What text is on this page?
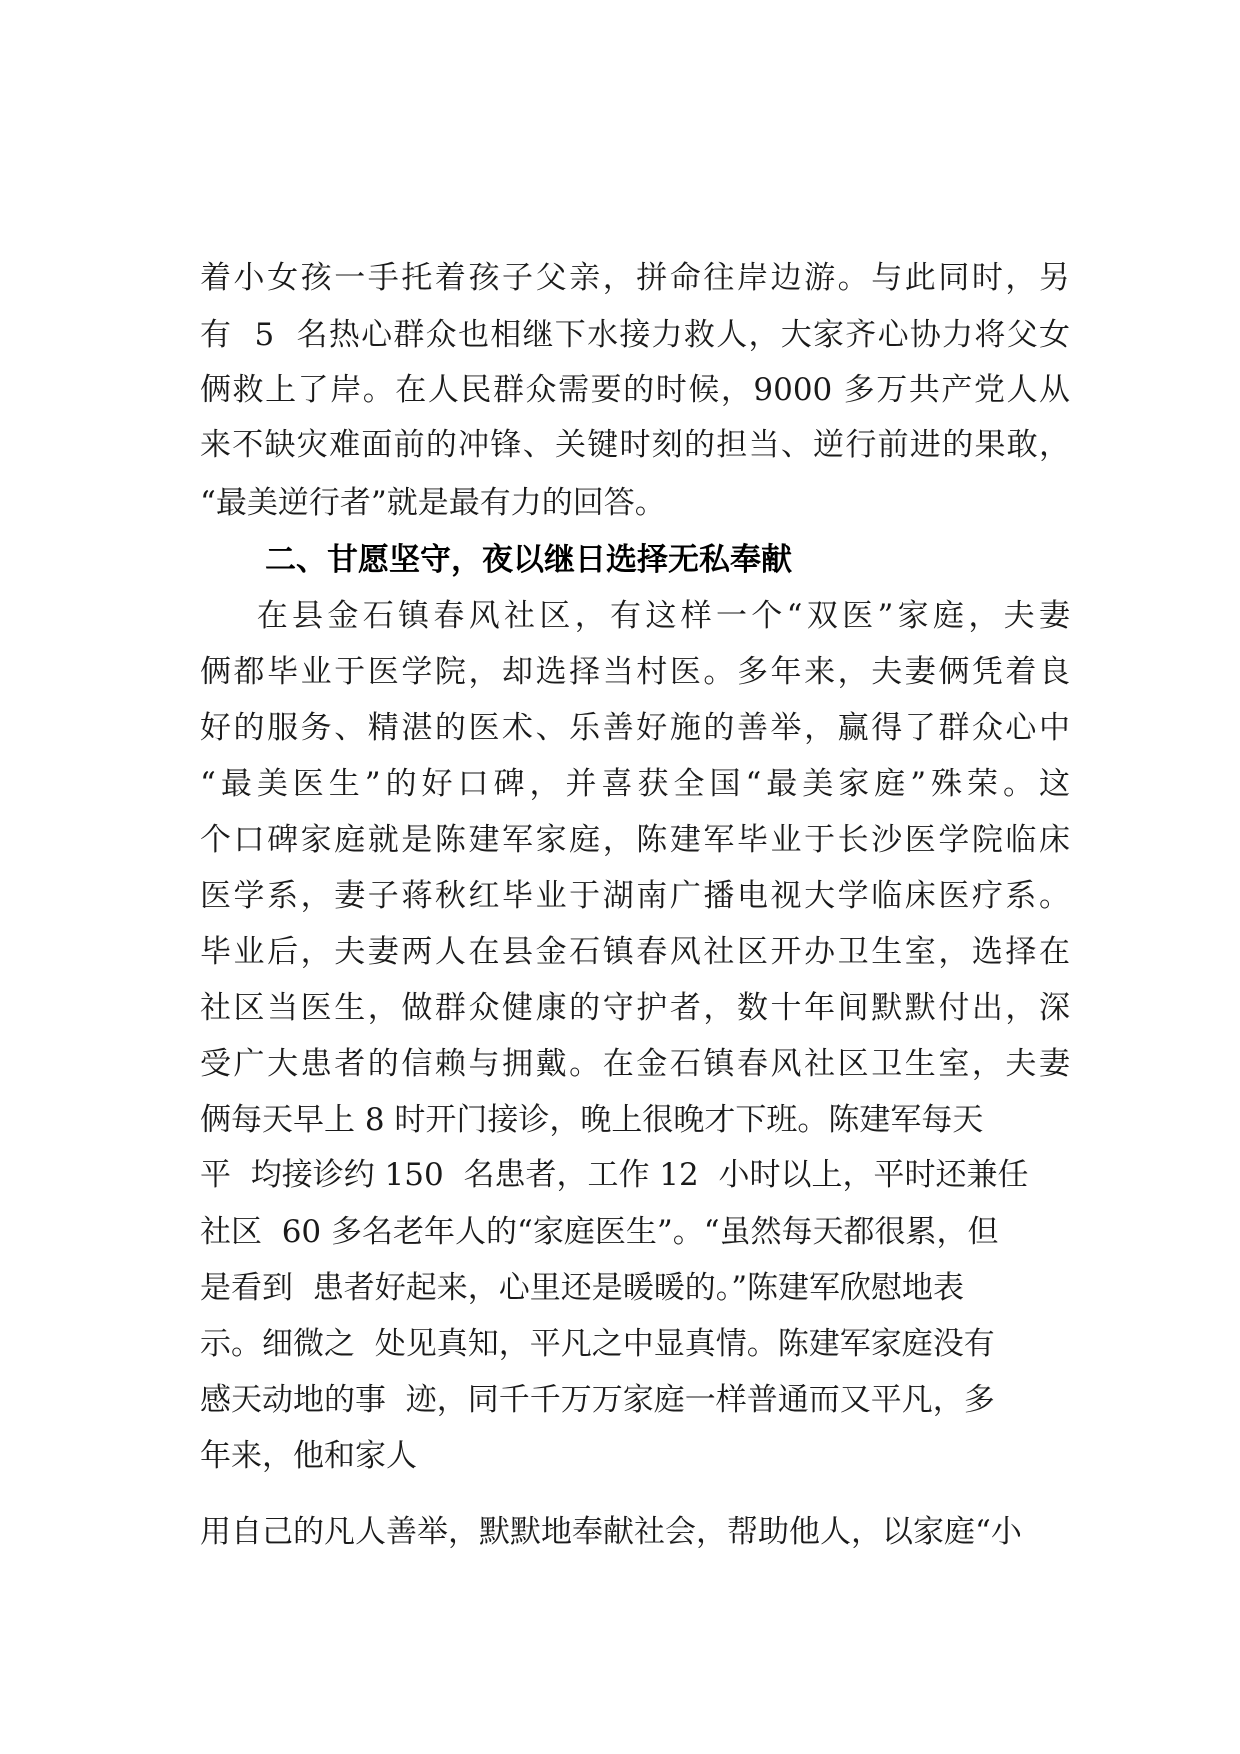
着小女孩一手托着孩子父亲，拼命往岸边游。与此同时，另
有  5  名热心群众也相继下水接力救人，大家齐心协力将父女
俩救上了岸。在人民群众需要的时候，9000 多万共产党人从
来不缺灾难面前的冲锋、关键时刻的担当、逆行前进的果敢，
“最美逆行者”就是最有力的回答。
二、甘愿坚守，夜以继日选择无私奉献
在县金石镇春风社区，有这样一个“双医”家庭，夫妻
俩都毕业于医学院，却选择当村医。多年来，夫妻俩凭着良
好的服务、精湛的医术、乐善好施的善举，赢得了群众心中
“最美医生”的好口碑，并喜获全国“最美家庭”殊荣。这
个口碑家庭就是陈建军家庭，陈建军毕业于长沙医学院临床
医学系，妻子蒋秋红毕业于湖南广播电视大学临床医疗系。
毕业后，夫妻两人在县金石镇春风社区开办卫生室，选择在
社区当医生，做群众健康的守护者，数十年间默默付出，深
受广大患者的信赖与拥戴。在金石镇春风社区卫生室，夫妻
俩每天早上 8 时开门接诊，晚上很晚才下班。陈建军每天
平  均接诊约 150  名患者，工作 12  小时以上，平时还兼任
社区  60 多名老年人的“家庭医生”。“虽然每天都很累，但
是看到  患者好起来，心里还是暖暖的。”陈建军欣慰地表
示。细微之  处见真知，平凡之中显真情。陈建军家庭没有
感天动地的事  迹，同千千万万家庭一样普通而又平凡，多
年来，他和家人
用自己的凡人善举，默默地奉献社会，帮助他人，以家庭“小
